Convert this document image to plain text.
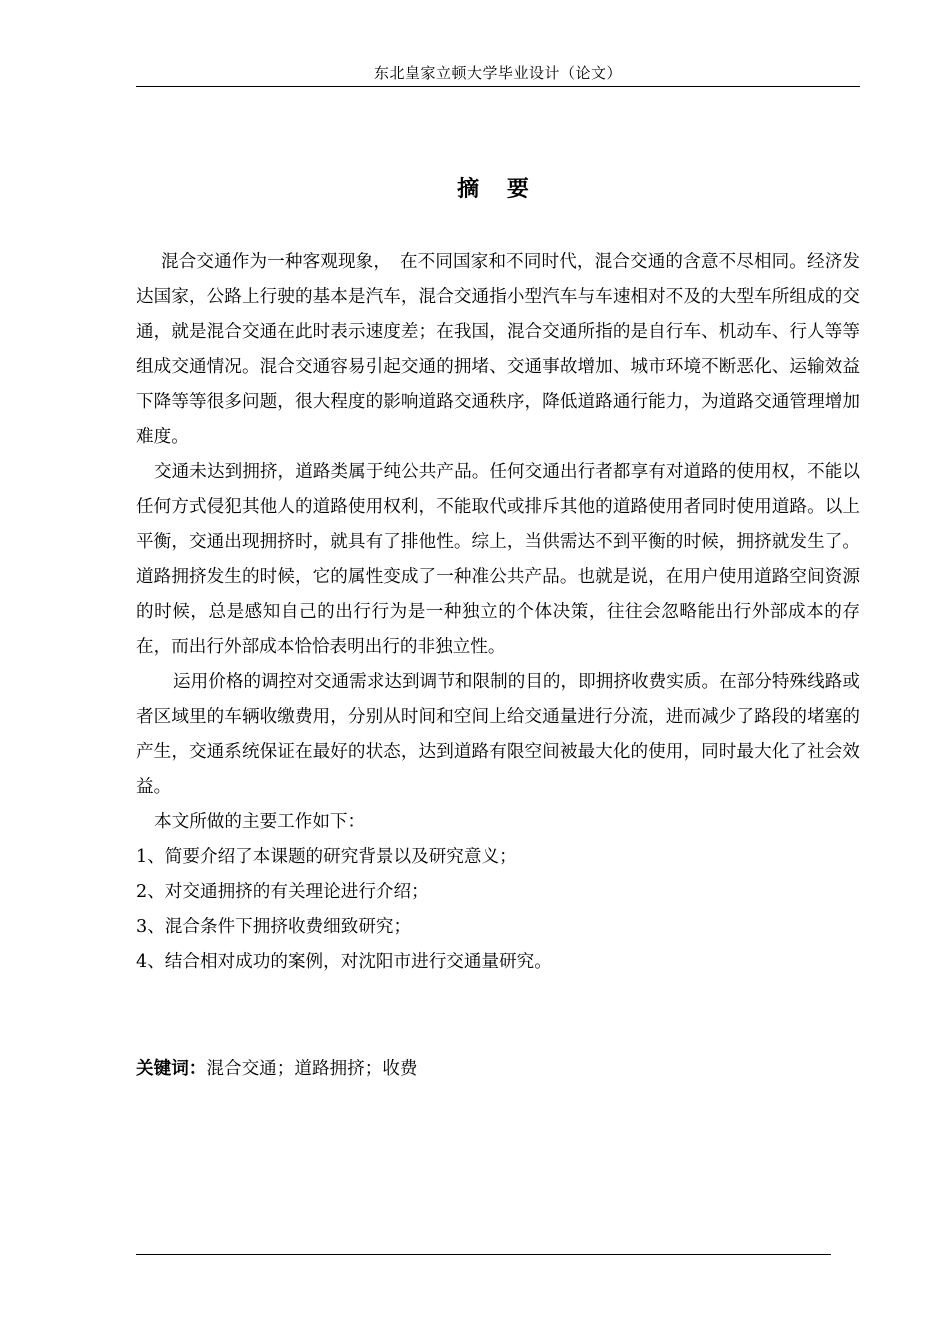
东北皇家立顿大学毕业设计（论文）
摘 要

混合交通作为一种客观现象，　在不同国家和不同时代，混合交通的含意不尽相同。经济发达国家，公路上行驶的基本是汽车，混合交通指小型汽车与车速相对不及的大型车所组成的交通，就是混合交通在此时表示速度差；在我国，混合交通所指的是自行车、机动车、行人等等组成交通情况。混合交通容易引起交通的拥堵、交通事故增加、城市环境不断恶化、运输效益下降等等很多问题，很大程度的影响道路交通秩序，降低道路通行能力，为道路交通管理增加难度。

交通未达到拥挤，道路类属于纯公共产品。任何交通出行者都享有对道路的使用权，不能以任何方式侵犯其他人的道路使用权利，不能取代或排斥其他的道路使用者同时使用道路。以上平衡，交通出现拥挤时，就具有了排他性。综上，当供需达不到平衡的时候，拥挤就发生了。道路拥挤发生的时候，它的属性变成了一种准公共产品。也就是说，在用户使用道路空间资源的时候，总是感知自己的出行行为是一种独立的个体决策，往往会忽略能出行外部成本的存在，而出行外部成本恰恰表明出行的非独立性。

运用价格的调控对交通需求达到调节和限制的目的，即拥挤收费实质。在部分特殊线路或者区域里的车辆收缴费用，分别从时间和空间上给交通量进行分流，进而减少了路段的堵塞的产生，交通系统保证在最好的状态，达到道路有限空间被最大化的使用，同时最大化了社会效益。

本文所做的主要工作如下：

1、简要介绍了本课题的研究背景以及研究意义；

2、对交通拥挤的有关理论进行介绍；

3、混合条件下拥挤收费细致研究；

4、结合相对成功的案例，对沈阳市进行交通量研究。

关键词：混合交通；道路拥挤；收费
